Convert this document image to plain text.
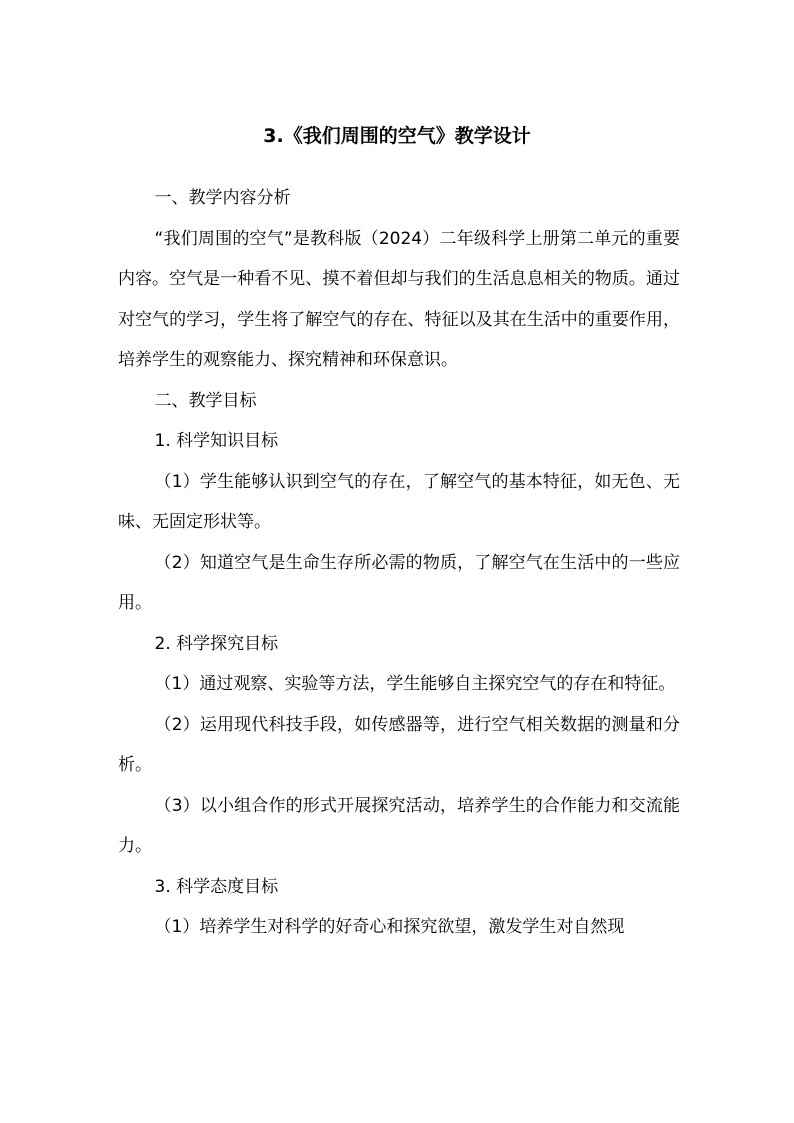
3.《我们周围的空气》教学设计

一、教学内容分析

“我们周围的空气”是教科版（2024）二年级科学上册第二单元的重要内容。空气是一种看不见、摸不着但却与我们的生活息息相关的物质。通过对空气的学习，学生将了解空气的存在、特征以及其在生活中的重要作用，培养学生的观察能力、探究精神和环保意识。

二、教学目标

1. 科学知识目标

（1）学生能够认识到空气的存在，了解空气的基本特征，如无色、无味、无固定形状等。

（2）知道空气是生命生存所必需的物质，了解空气在生活中的一些应用。

2. 科学探究目标

（1）通过观察、实验等方法，学生能够自主探究空气的存在和特征。

（2）运用现代科技手段，如传感器等，进行空气相关数据的测量和分析。

（3）以小组合作的形式开展探究活动，培养学生的合作能力和交流能力。

3. 科学态度目标

（1）培养学生对科学的好奇心和探究欲望，激发学生对自然现
